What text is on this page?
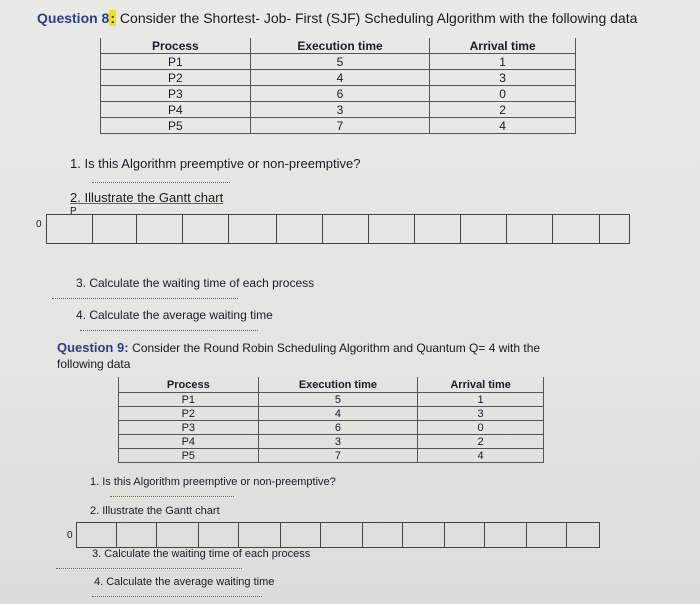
Question 8: Consider the Shortest- Job- First (SJF) Scheduling Algorithm with the following data
Process	Execution time	Arrival time
P1	5	1
P2	4	3
P3	6	0
P4	3	2
P5	7	4
1. Is this Algorithm preemptive or non-preemptive?
2. Illustrate the Gantt chart
P
0
3. Calculate the waiting time of each process
4. Calculate the average waiting time
Question 9: Consider the Round Robin Scheduling Algorithm and Quantum Q= 4 with the
following data
Process	Execution time	Arrival time
P1	5	1
P2	4	3
P3	6	0
P4	3	2
P5	7	4
1. Is this Algorithm preemptive or non-preemptive?
2. Illustrate the Gantt chart
0
3. Calculate the waiting time of each process
4. Calculate the average waiting time
